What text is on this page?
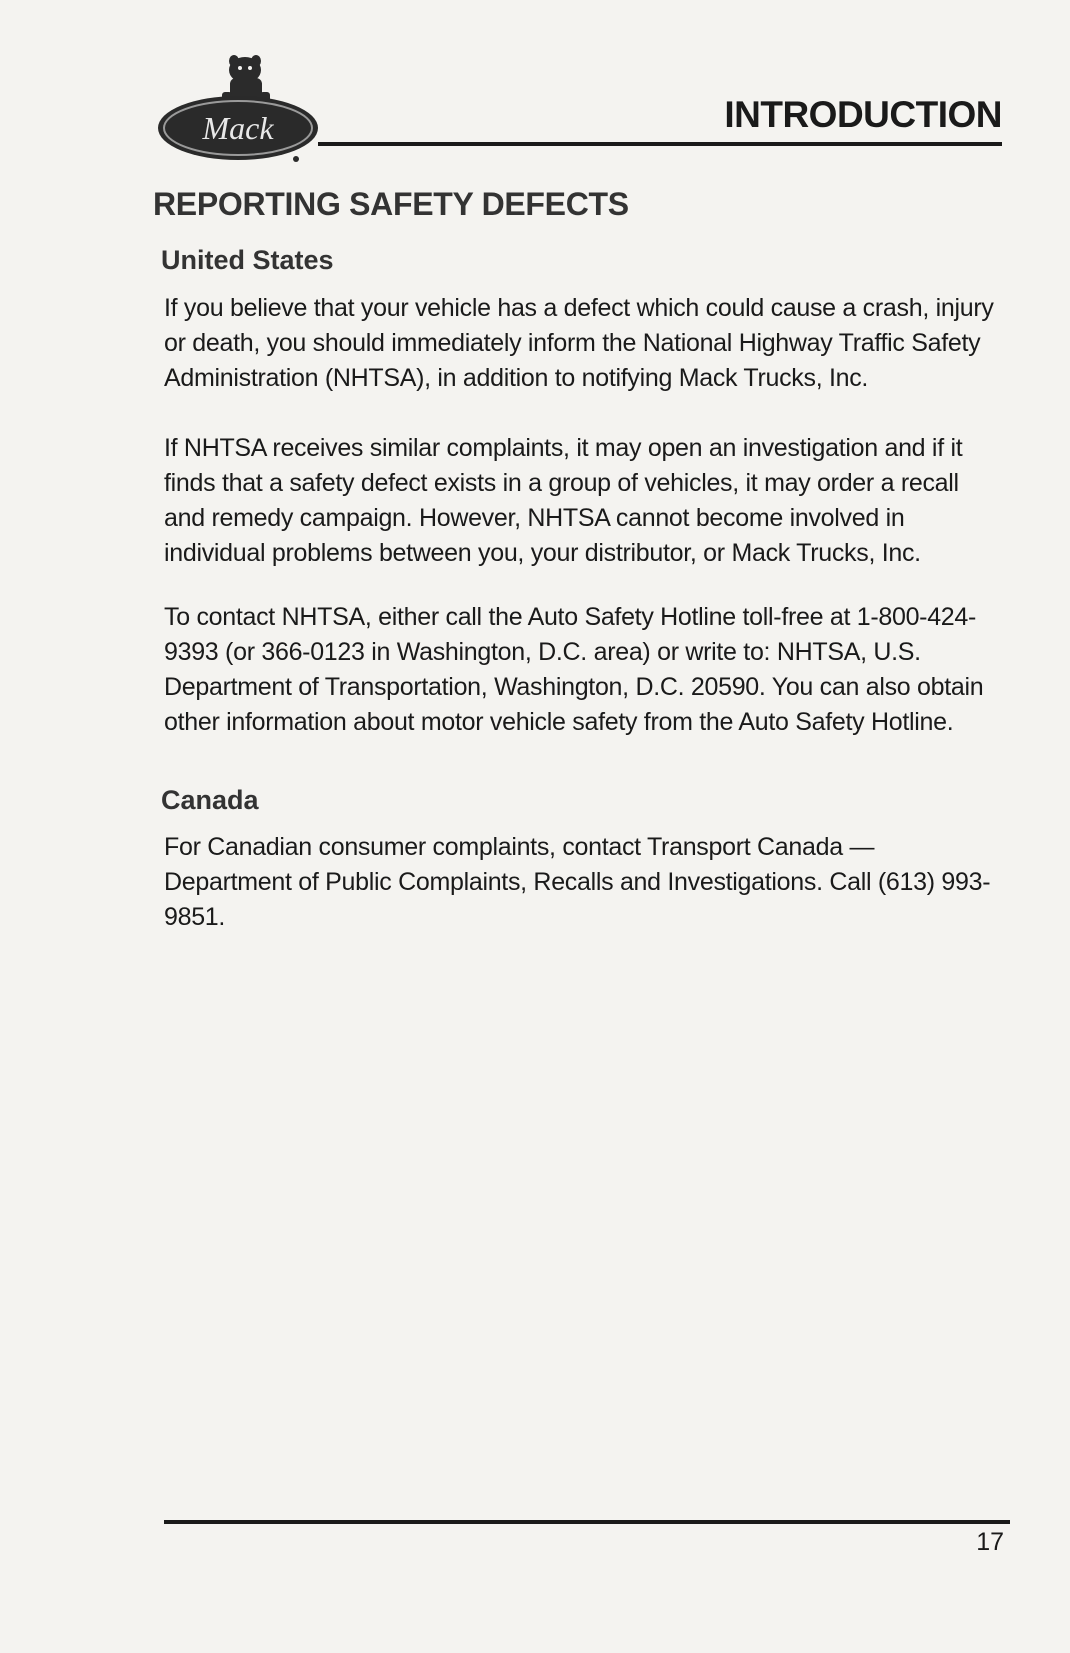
Mack	INTRODUCTION
REPORTING SAFETY DEFECTS
United States

If you believe that your vehicle has a defect which could cause a crash, injury or death, you should immediately inform the National Highway Traffic Safety Administration (NHTSA), in addition to notifying Mack Trucks, Inc.

If NHTSA receives similar complaints, it may open an investigation and if it finds that a safety defect exists in a group of vehicles, it may order a recall and remedy campaign. However, NHTSA cannot become involved in individual problems between you, your distributor, or Mack Trucks, Inc.

To contact NHTSA, either call the Auto Safety Hotline toll-free at 1-800-424-9393 (or 366-0123 in Washington, D.C. area) or write to: NHTSA, U.S. Department of Transportation, Washington, D.C. 20590. You can also obtain other information about motor vehicle safety from the Auto Safety Hotline.

Canada

For Canadian consumer complaints, contact Transport Canada — Department of Public Complaints, Recalls and Investigations. Call (613) 993-9851.

17
